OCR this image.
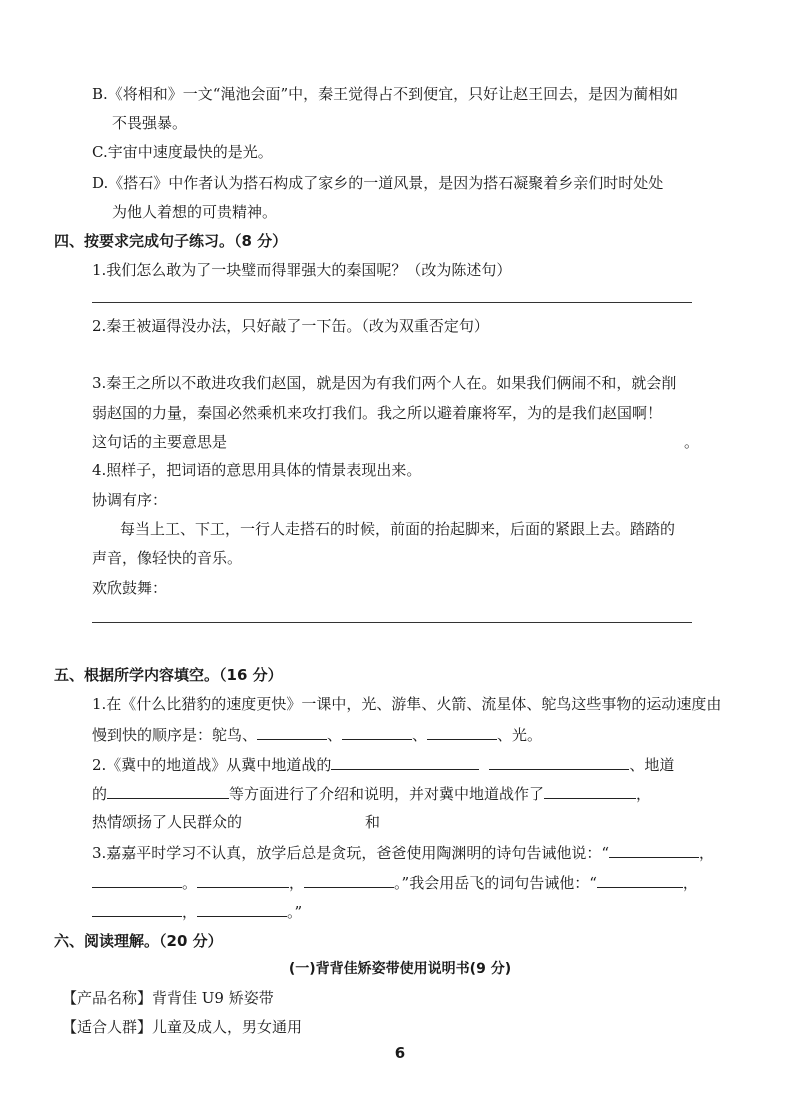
B.《将相和》一文“渑池会面”中，秦王觉得占不到便宜，只好让赵王回去，是因为蔺相如
不畏强暴。
C.宇宙中速度最快的是光。
D.《搭石》中作者认为搭石构成了家乡的一道风景，是因为搭石凝聚着乡亲们时时处处
为他人着想的可贵精神。
四、按要求完成句子练习。（8 分）
1.我们怎么敢为了一块璧而得罪强大的秦国呢？（改为陈述句）
2.秦王被逼得没办法，只好敲了一下缶。（改为双重否定句）
3.秦王之所以不敢进攻我们赵国，就是因为有我们两个人在。如果我们俩闹不和，就会削
弱赵国的力量，秦国必然乘机来攻打我们。我之所以避着廉将军，为的是我们赵国啊！
这句话的主要意思是	。
4.照样子，把词语的意思用具体的情景表现出来。
协调有序：
每当上工、下工，一行人走搭石的时候，前面的抬起脚来，后面的紧跟上去。踏踏的
声音，像轻快的音乐。
欢欣鼓舞：
五、根据所学内容填空。（16 分）
1.在《什么比猎豹的速度更快》一课中，光、游隼、火箭、流星体、鸵鸟这些事物的运动速度由
慢到快的顺序是：鸵鸟、	、	、	、光。
2.《冀中的地道战》从冀中地道战的	、地道
的	等方面进行了介绍和说明，并对冀中地道战作了	，
热情颂扬了人民群众的	和
3.嘉嘉平时学习不认真，放学后总是贪玩，爸爸使用陶渊明的诗句告诫他说：“	，
。	，	。”我会用岳飞的词句告诫他：“	，
，	。”
六、阅读理解。（20 分）
(一)背背佳矫姿带使用说明书(9 分)
【产品名称】背背佳 U9 矫姿带
【适合人群】儿童及成人，男女通用
6
